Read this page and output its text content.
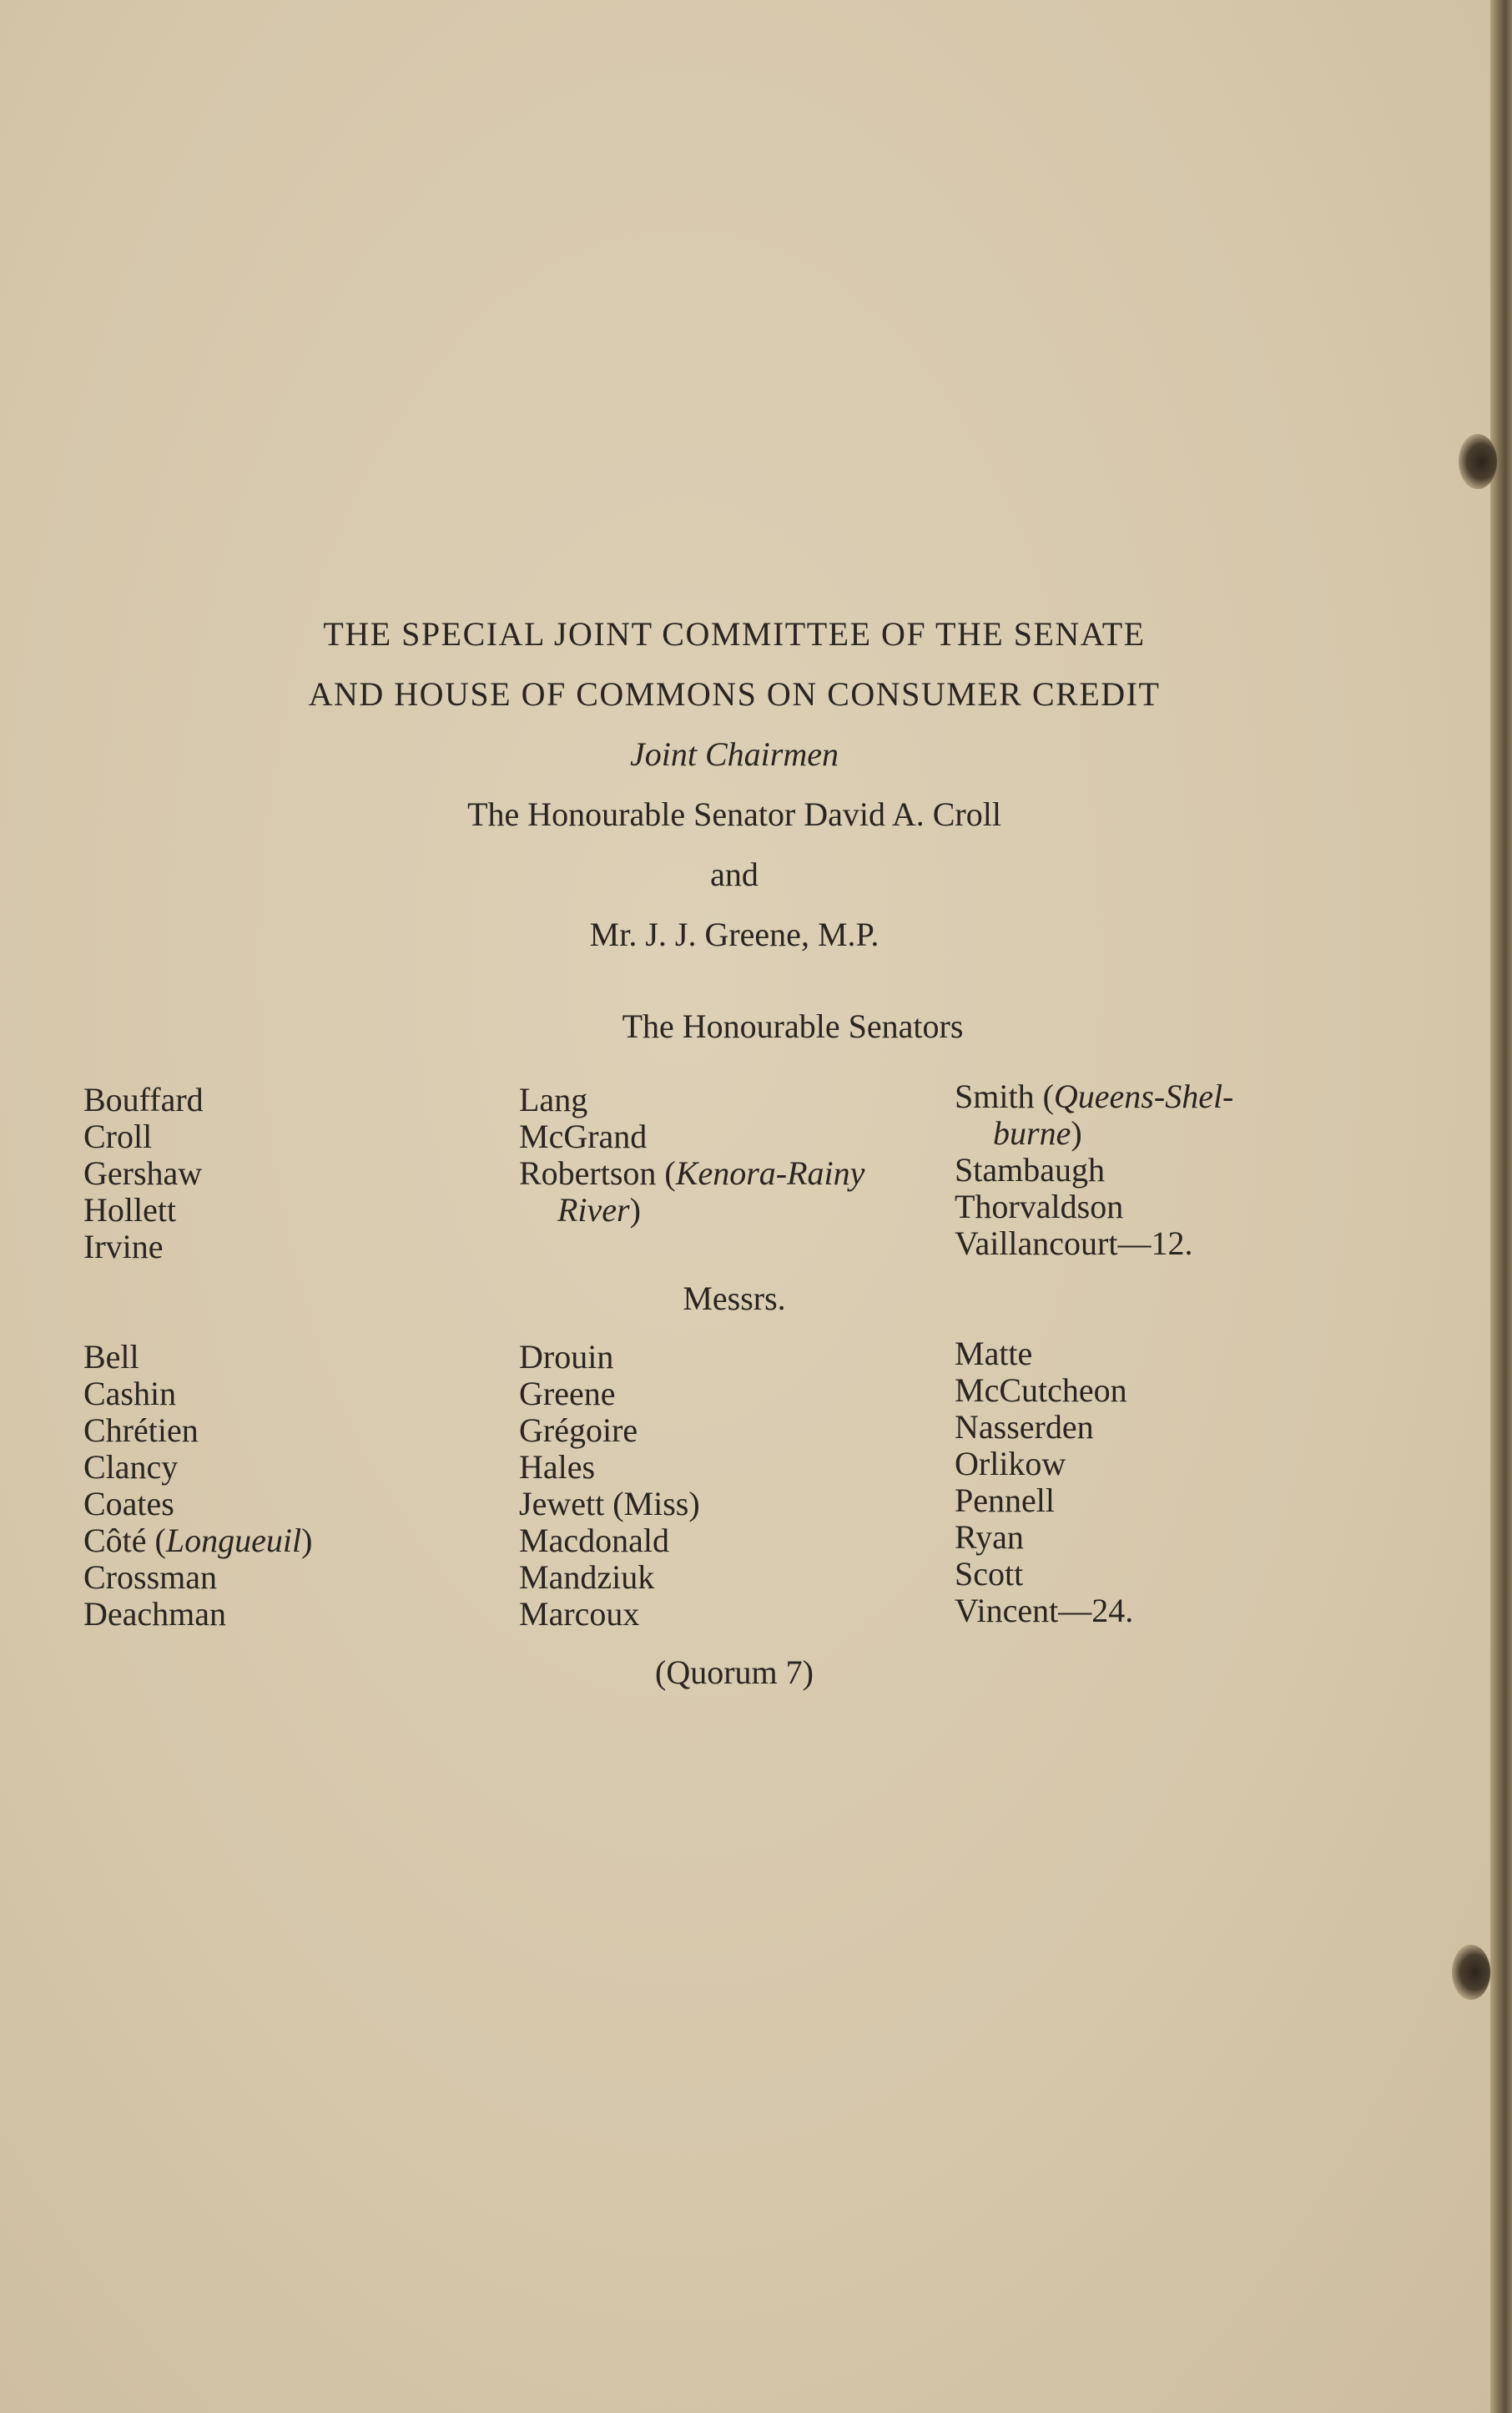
THE SPECIAL JOINT COMMITTEE OF THE SENATE
AND HOUSE OF COMMONS ON CONSUMER CREDIT
Joint Chairmen
The Honourable Senator David A. Croll
and
Mr. J. J. Greene, M.P.
The Honourable Senators
Bouffard
Croll
Gershaw
Hollett
Irvine
Lang
McGrand
Robertson (Kenora-Rainy
River)
Smith (Queens-Shel-
burne)
Stambaugh
Thorvaldson
Vaillancourt—12.
Messrs.
Bell
Cashin
Chrétien
Clancy
Coates
Côté (Longueuil)
Crossman
Deachman
Drouin
Greene
Grégoire
Hales
Jewett (Miss)
Macdonald
Mandziuk
Marcoux
Matte
McCutcheon
Nasserden
Orlikow
Pennell
Ryan
Scott
Vincent—24.
(Quorum 7)
